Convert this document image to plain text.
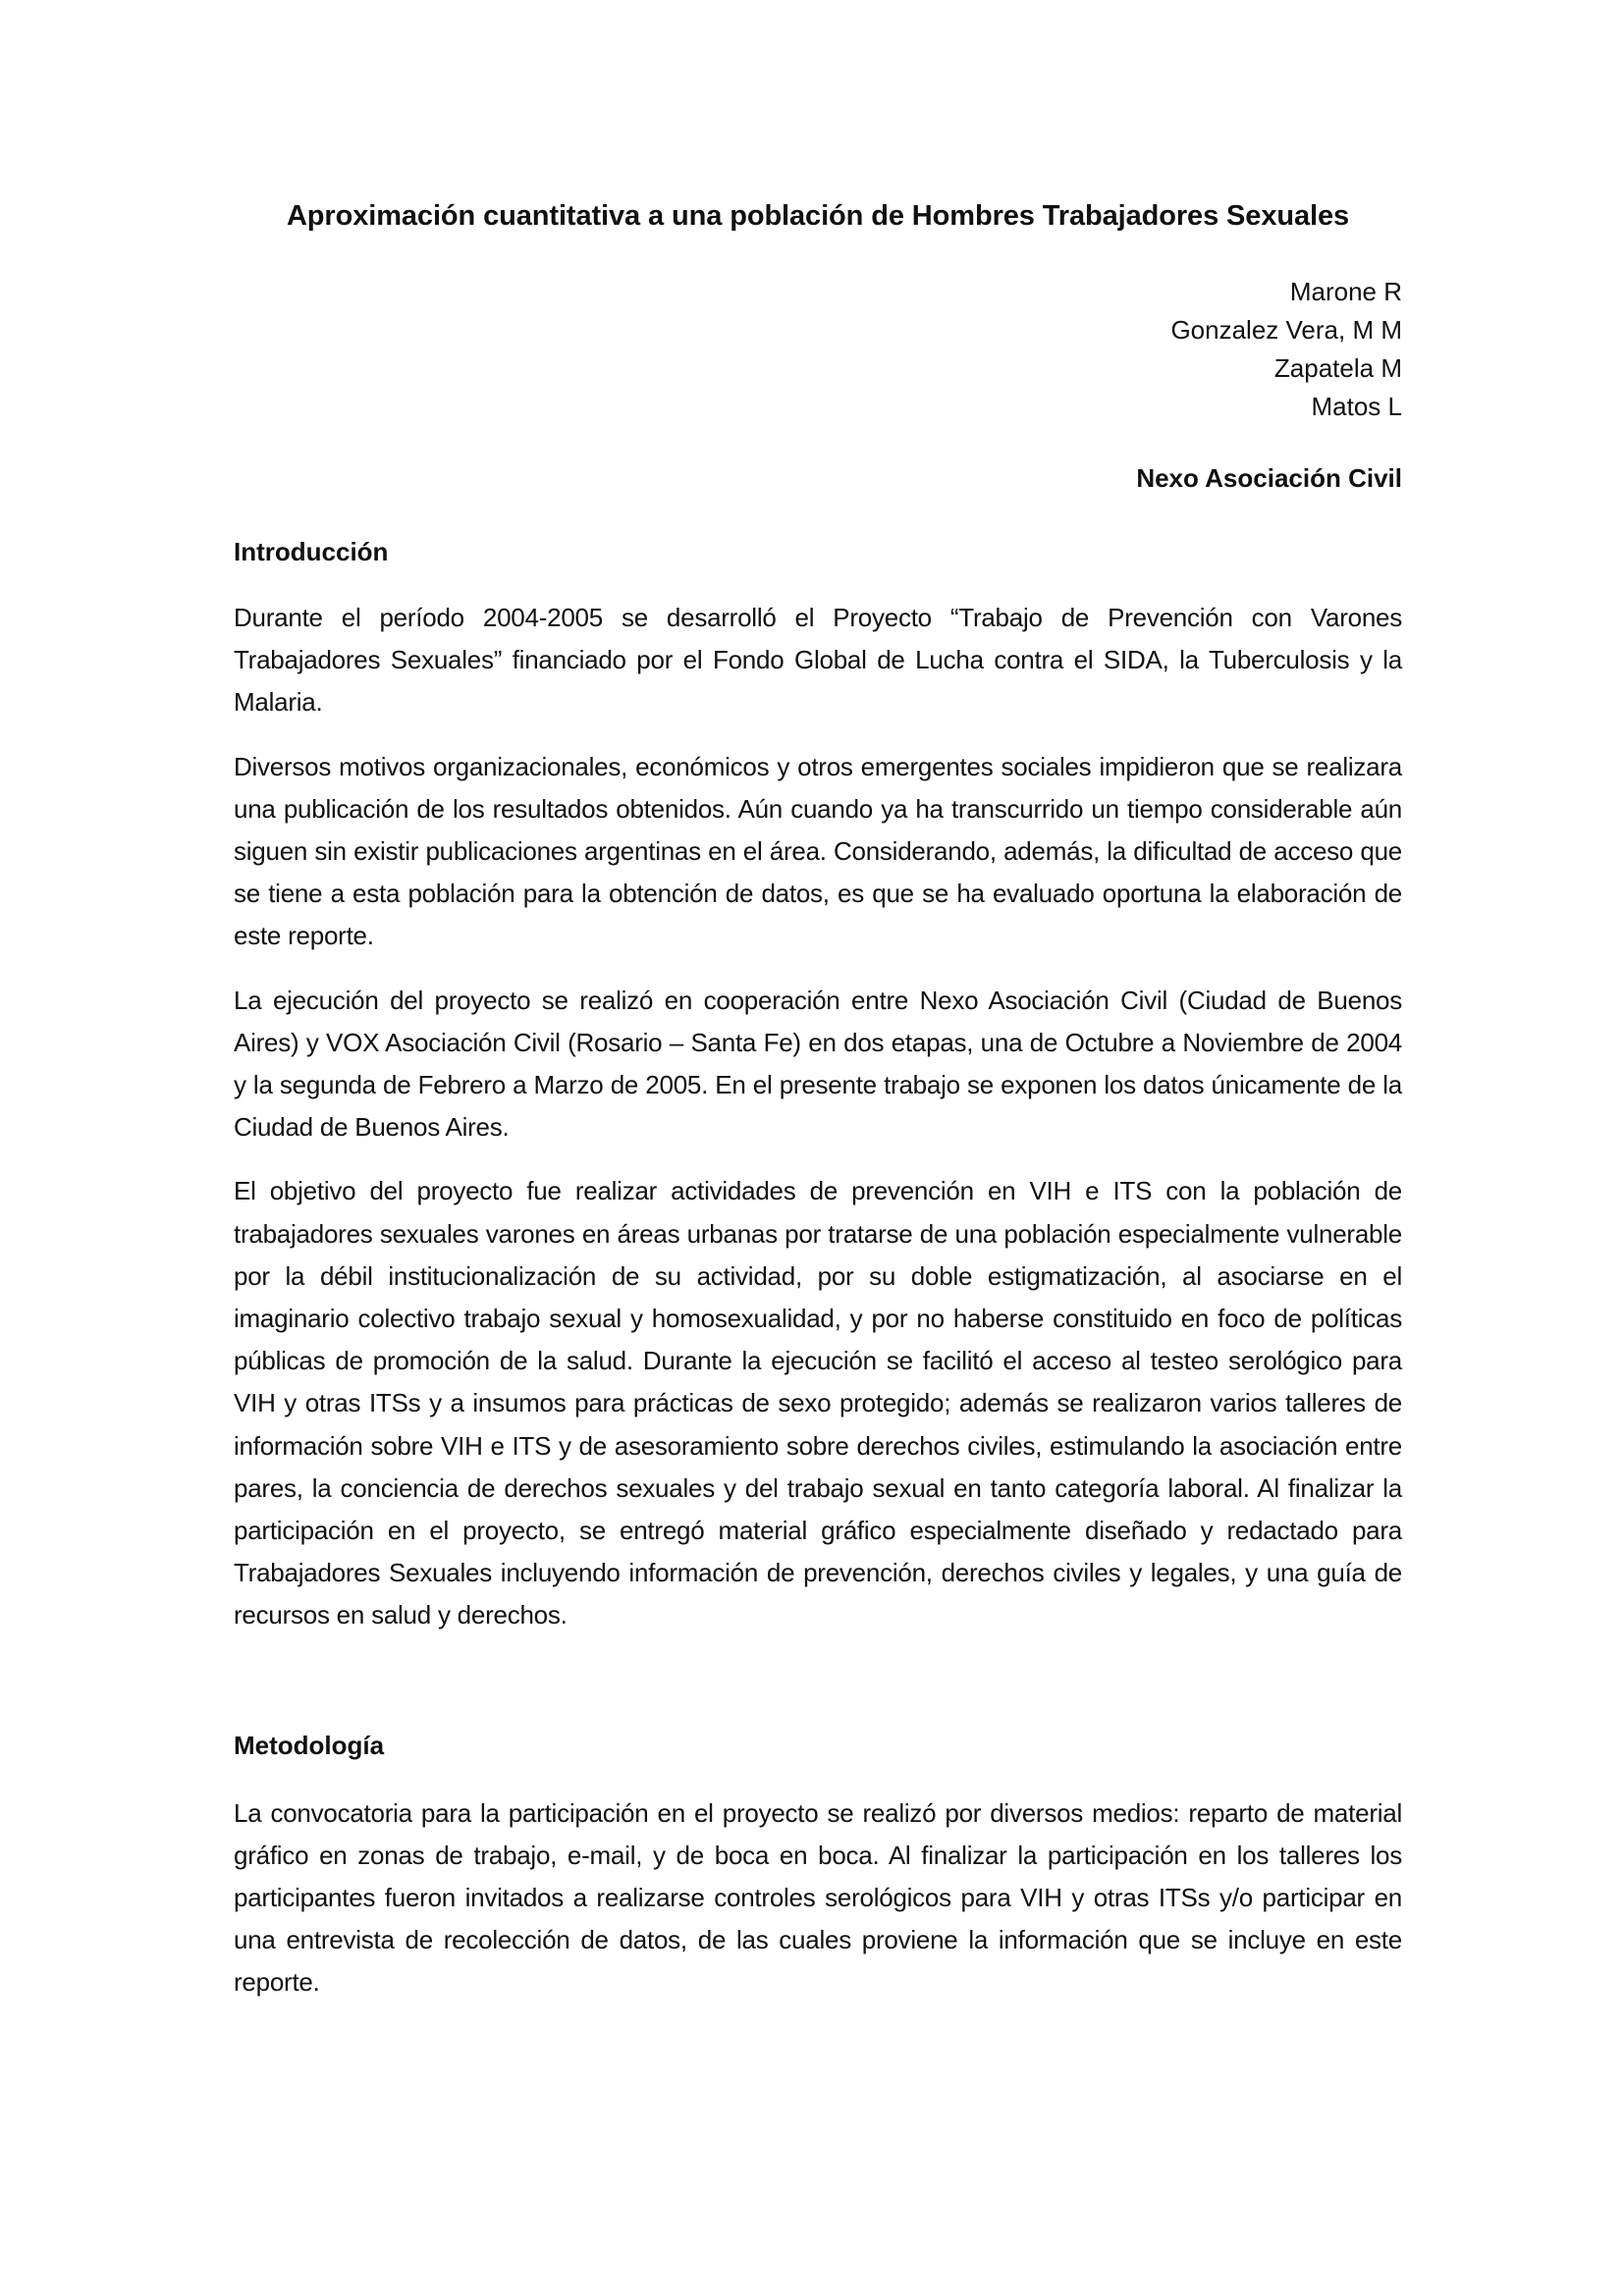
Aproximación cuantitativa a una población de Hombres Trabajadores Sexuales
Marone R
Gonzalez Vera, M M
Zapatela M
Matos L
Nexo Asociación Civil
Introducción

Durante el período 2004-2005 se desarrolló el Proyecto “Trabajo de Prevención con Varones Trabajadores Sexuales” financiado por el Fondo Global de Lucha contra el SIDA, la Tuberculosis y la Malaria.

Diversos motivos organizacionales, económicos y otros emergentes sociales impidieron que se realizara una publicación de los resultados obtenidos. Aún cuando ya ha transcurrido un tiempo considerable aún siguen sin existir publicaciones argentinas en el área. Considerando, además, la dificultad de acceso que se tiene a esta población para la obtención de datos, es que se ha evaluado oportuna la elaboración de este reporte.

La ejecución del proyecto se realizó en cooperación entre Nexo Asociación Civil (Ciudad de Buenos Aires) y VOX Asociación Civil (Rosario – Santa Fe) en dos etapas, una de Octubre a Noviembre de 2004 y la segunda de Febrero a Marzo de 2005. En el presente trabajo se exponen los datos únicamente de la Ciudad de Buenos Aires.

El objetivo del proyecto fue realizar actividades de prevención en VIH e ITS con la población de trabajadores sexuales varones en áreas urbanas por tratarse de una población especialmente vulnerable por la débil institucionalización de su actividad, por su doble estigmatización, al asociarse en el imaginario colectivo trabajo sexual y homosexualidad, y por no haberse constituido en foco de políticas públicas de promoción de la salud. Durante la ejecución se facilitó el acceso al testeo serológico para VIH y otras ITSs y a insumos para prácticas de sexo protegido; además se realizaron varios talleres de información sobre VIH e ITS y de asesoramiento sobre derechos civiles, estimulando la asociación entre pares, la conciencia de derechos sexuales y del trabajo sexual en tanto categoría laboral. Al finalizar la participación en el proyecto, se entregó material gráfico especialmente diseñado y redactado para Trabajadores Sexuales incluyendo información de prevención, derechos civiles y legales, y una guía de recursos en salud y derechos.

Metodología

La convocatoria para la participación en el proyecto se realizó por diversos medios: reparto de material gráfico en zonas de trabajo, e-mail, y de boca en boca. Al finalizar la participación en los talleres los participantes fueron invitados a realizarse controles serológicos para VIH y otras ITSs y/o participar en una entrevista de recolección de datos, de las cuales proviene la información que se incluye en este reporte.
